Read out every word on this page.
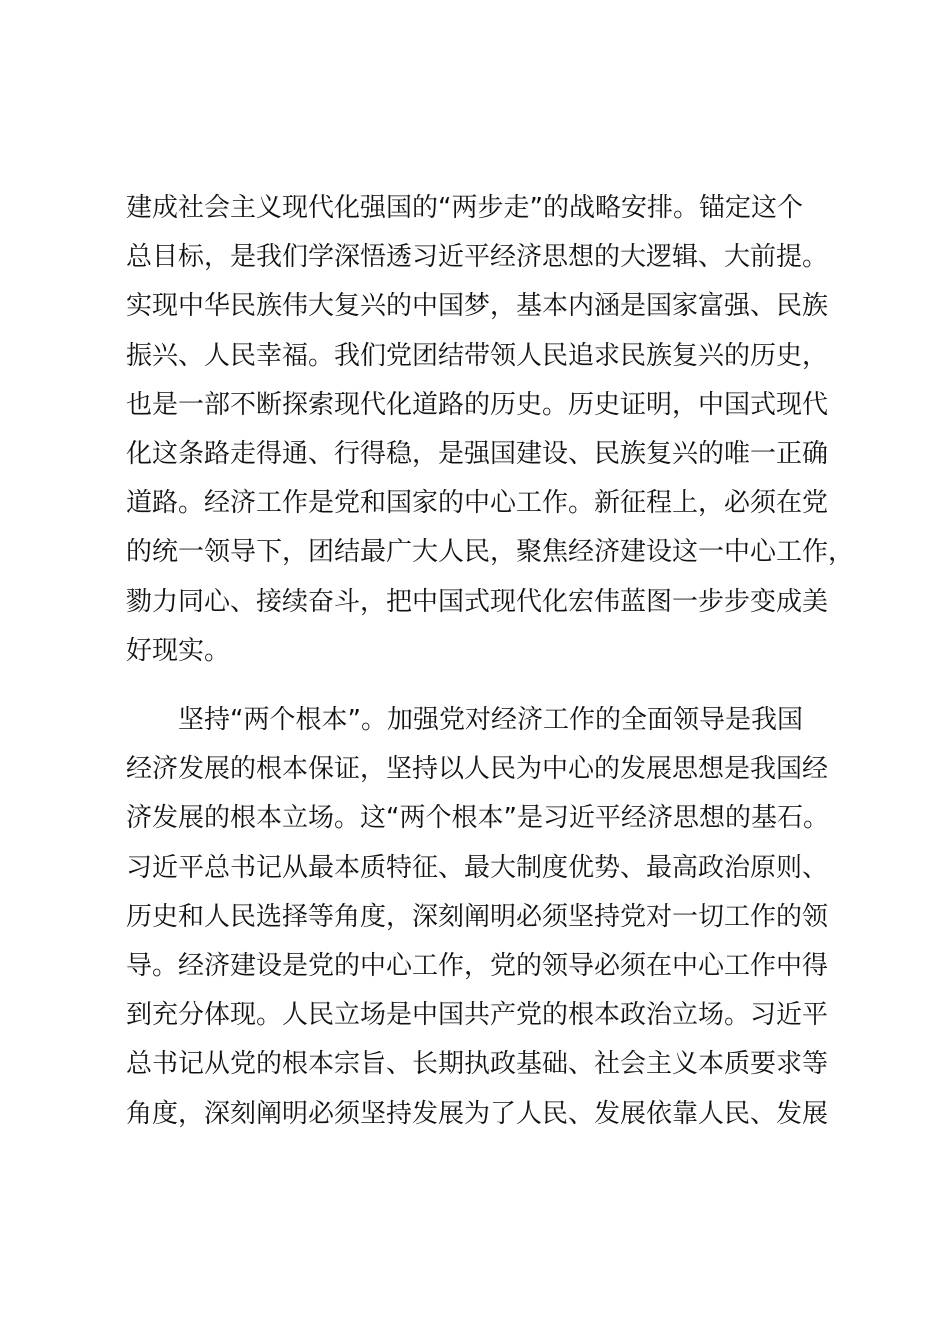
建成社会主义现代化强国的“两步走”的战略安排。锚定这个
总目标，是我们学深悟透习近平经济思想的大逻辑、大前提。
实现中华民族伟大复兴的中国梦，基本内涵是国家富强、民族
振兴、人民幸福。我们党团结带领人民追求民族复兴的历史，
也是一部不断探索现代化道路的历史。历史证明，中国式现代
化这条路走得通、行得稳，是强国建设、民族复兴的唯一正确
道路。经济工作是党和国家的中心工作。新征程上，必须在党
的统一领导下，团结最广大人民，聚焦经济建设这一中心工作，
勠力同心、接续奋斗，把中国式现代化宏伟蓝图一步步变成美
好现实。
　　坚持“两个根本”。加强党对经济工作的全面领导是我国
经济发展的根本保证，坚持以人民为中心的发展思想是我国经
济发展的根本立场。这“两个根本”是习近平经济思想的基石。
习近平总书记从最本质特征、最大制度优势、最高政治原则、
历史和人民选择等角度，深刻阐明必须坚持党对一切工作的领
导。经济建设是党的中心工作，党的领导必须在中心工作中得
到充分体现。人民立场是中国共产党的根本政治立场。习近平
总书记从党的根本宗旨、长期执政基础、社会主义本质要求等
角度，深刻阐明必须坚持发展为了人民、发展依靠人民、发展
